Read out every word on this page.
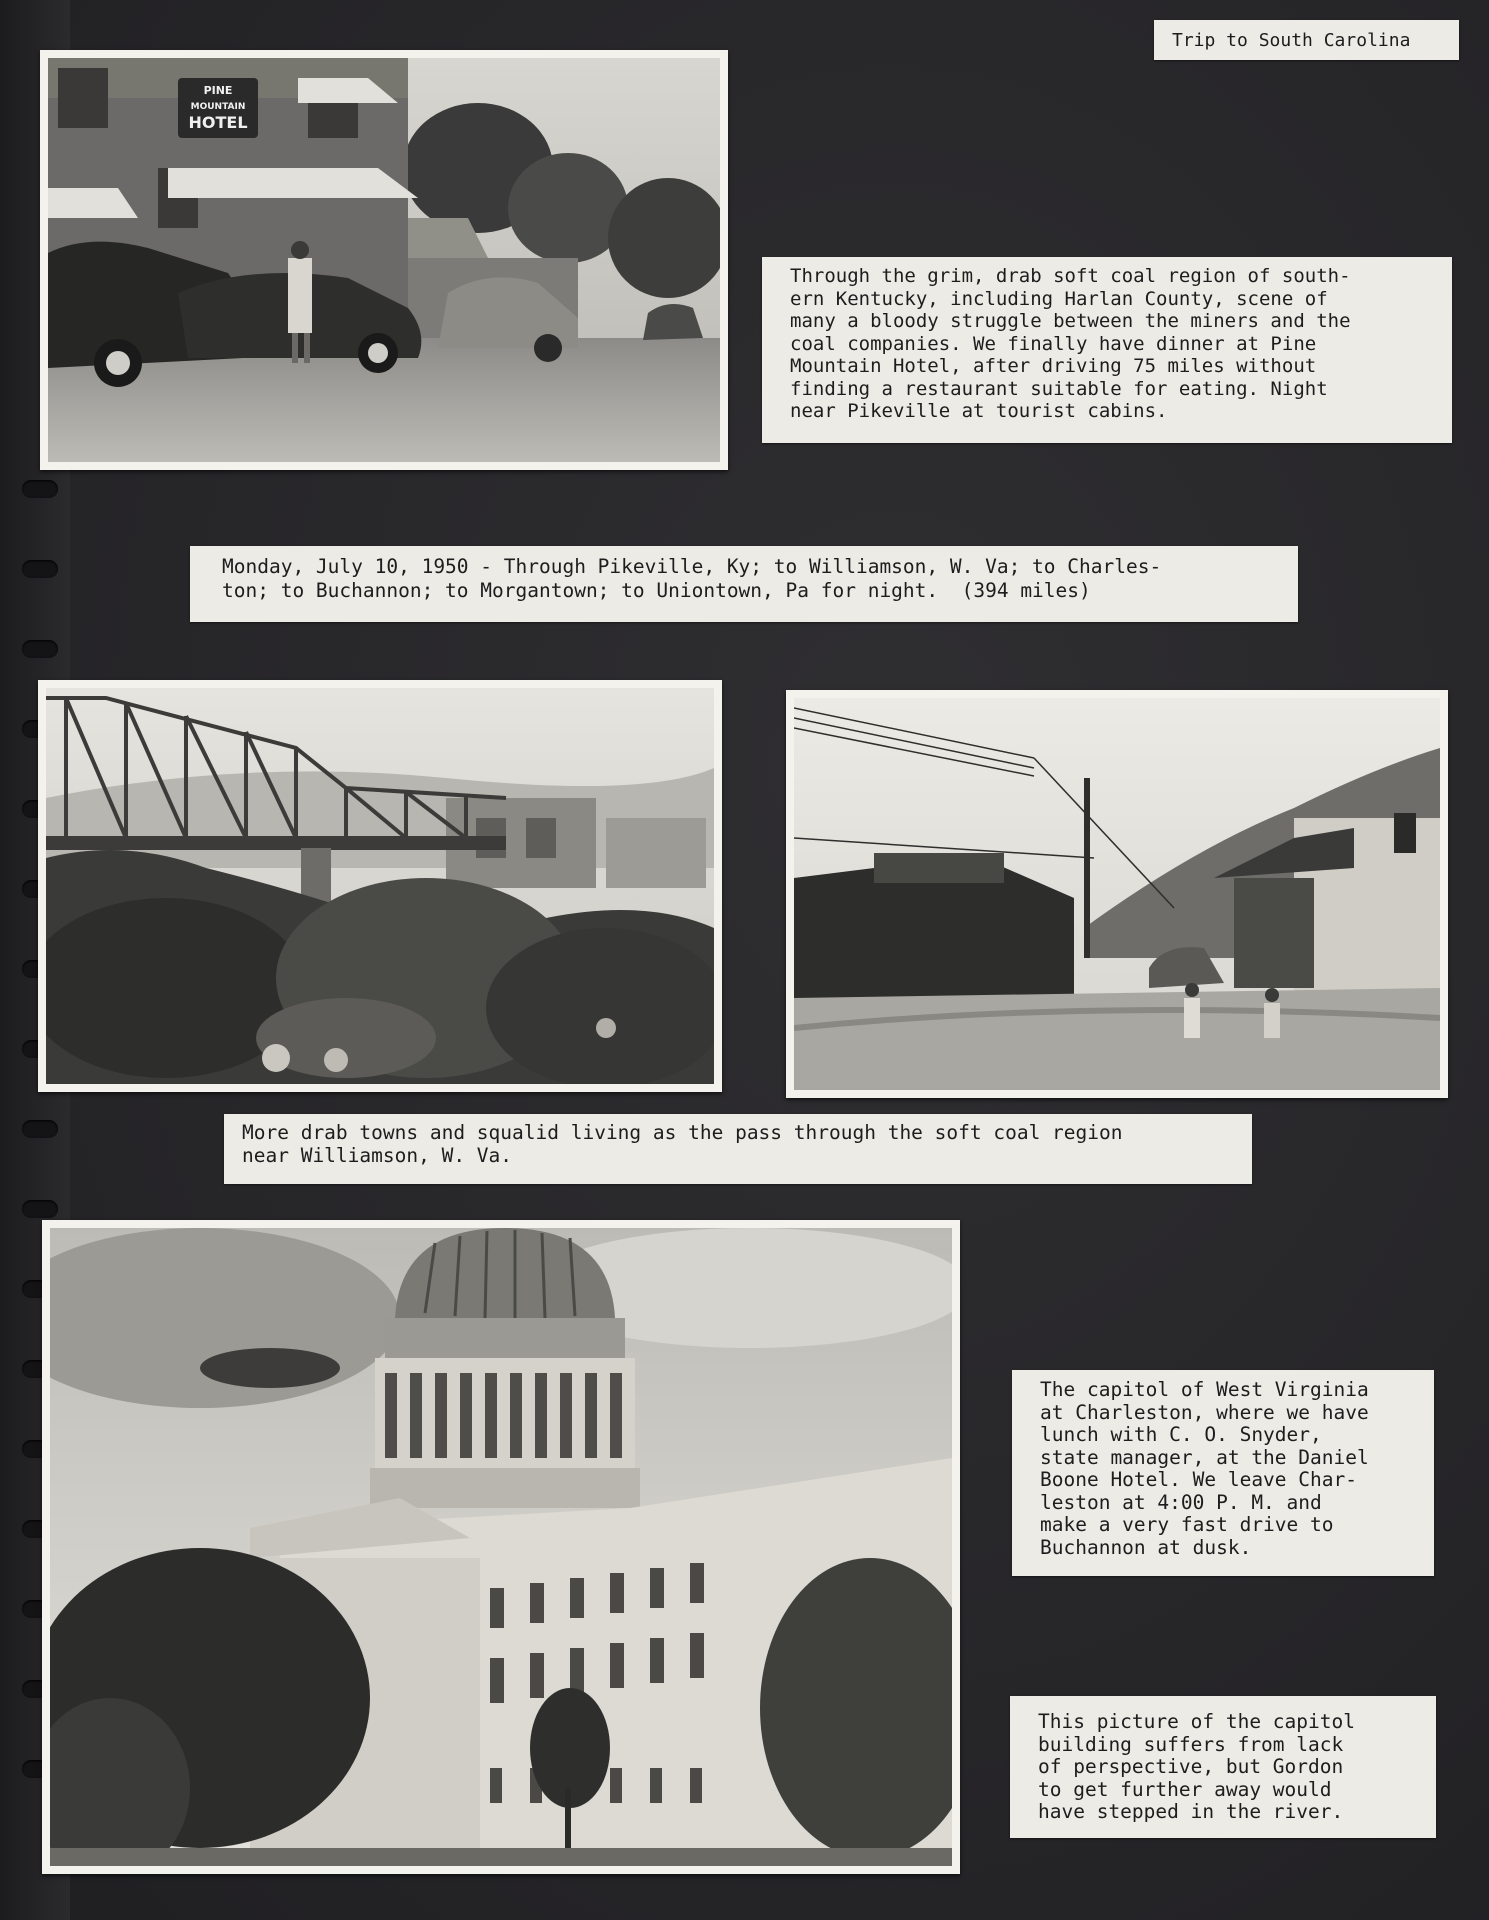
Trip to South Carolina
PINE
MOUNTAIN
HOTEL
Through the grim, drab soft coal region of south-
ern Kentucky, including Harlan County, scene of
many a bloody struggle between the miners and the
coal companies. We finally have dinner at Pine
Mountain Hotel, after driving 75 miles without
finding a restaurant suitable for eating. Night
near Pikeville at tourist cabins.
Monday, July 10, 1950 - Through Pikeville, Ky; to Williamson, W. Va; to Charles-
ton; to Buchannon; to Morgantown; to Uniontown, Pa for night.  (394 miles)
More drab towns and squalid living as the pass through the soft coal region
near Williamson, W. Va.
The capitol of West Virginia
at Charleston, where we have
lunch with C. O. Snyder,
state manager, at the Daniel
Boone Hotel. We leave Char-
leston at 4:00 P. M. and
make a very fast drive to
Buchannon at dusk.
This picture of the capitol
building suffers from lack
of perspective, but Gordon
to get further away would
have stepped in the river.
